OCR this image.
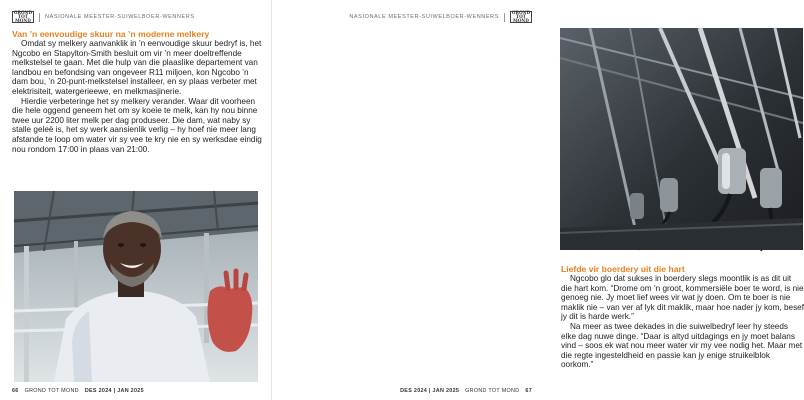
GROND
TOT
MOND
NASIONALE MEESTER-SUIWELBOER-WENNERS
Van ’n eenvoudige skuur na ’n moderne melkery

Omdat sy melkery aanvanklik in ’n eenvoudige skuur bedryf is, het Ngcobo en Stapylton-Smith besluit om vir ’n meer doeltreffende melkstelsel te gaan. Met die hulp van die plaaslike departement van landbou en befondsing van ongeveer R11 miljoen, kon Ngcobo ’n dam bou, ’n 20-punt-melkstelsel installeer, en sy plaas verbeter met elektrisiteit, watergerieewe, en melkmasjinerie.

Hierdie verbeteringe het sy melkery verander. Waar dit voorheen die hele oggend geneem het om sy koeie te melk, kan hy nou binne twee uur 2200 liter melk per dag produseer. Die dam, wat naby sy stalle geleë is, het sy werk aansienlik verlig – hy hoef nie meer lang afstande te loop om water vir sy vee te kry nie en sy werksdae eindig nou rondom 17:00 in plaas van 21:00.

66 GROND TOT MOND DES 2024 | JAN 2025
NASIONALE MEESTER-SUIWELBOER-WENNERS
GROND
TOT
MOND
Liefde vir boerdery uit die hart

Ngcobo glo dat sukses in boerdery slegs moontlik is as dit uit die hart kom. “Drome om ’n groot, kommersiële boer te word, is nie genoeg nie. Jy moet lief wees vir wat jy doen. Om te boer is nie maklik nie – van ver af lyk dit maklik, maar hoe nader jy kom, besef jy dit is harde werk.”

Na meer as twee dekades in die suiwelbedryf leer hy steeds elke dag nuwe dinge. “Daar is altyd uitdagings en jy moet balans vind – soos ek wat nou meer water vir my vee nodig het. Maar met die regte ingesteldheid en passie kan jy enige struikelblok oorkom.”

DES 2024 | JAN 2025 GROND TOT MOND 67
